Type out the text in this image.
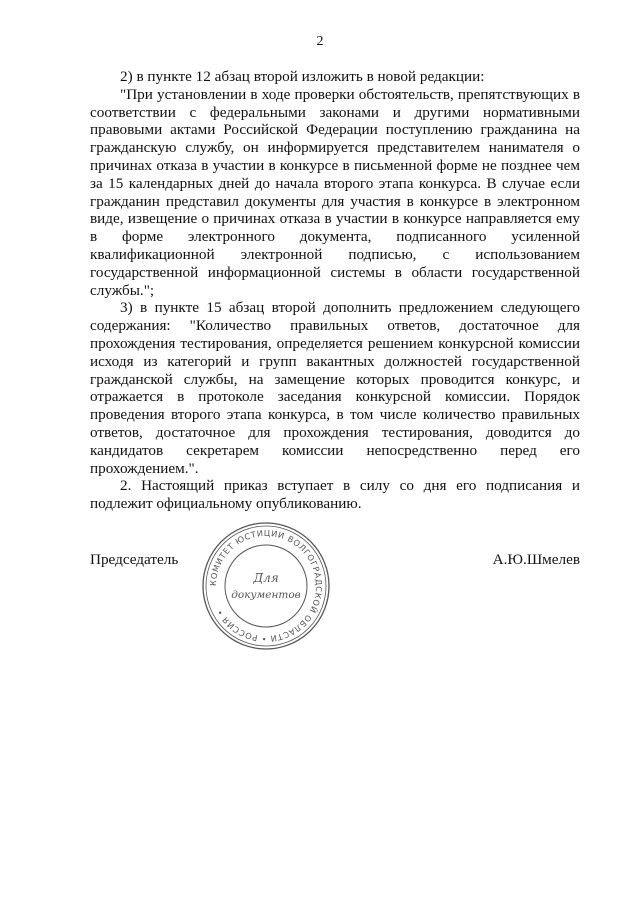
2

2) в пункте 12 абзац второй изложить в новой редакции:

"При установлении в ходе проверки обстоятельств, препятствующих в соответствии с федеральными законами и другими нормативными правовыми актами Российской Федерации поступлению гражданина на гражданскую службу, он информируется представителем нанимателя о причинах отказа в участии в конкурсе в письменной форме не позднее чем за 15 календарных дней до начала второго этапа конкурса. В случае если гражданин представил документы для участия в конкурсе в электронном виде, извещение о причинах отказа в участии в конкурсе направляется ему в форме электронного документа, подписанного усиленной квалификационной электронной подписью, с использованием государственной информационной системы в области государственной службы.";

3) в пункте 15 абзац второй дополнить предложением следующего содержания: "Количество правильных ответов, достаточное для прохождения тестирования, определяется решением конкурсной комиссии исходя из категорий и групп вакантных должностей государственной гражданской службы, на замещение которых проводится конкурс, и отражается в протоколе заседания конкурсной комиссии. Порядок проведения второго этапа конкурса, в том числе количество правильных ответов, достаточное для прохождения тестирования, доводится до кандидатов секретарем комиссии непосредственно перед его прохождением.".

2. Настоящий приказ вступает в силу со дня его подписания и подлежит официальному опубликованию.

Председатель	А.Ю.Шмелев
КОМИТЕТ ЮСТИЦИИ ВОЛГОГРАДСКОЙ ОБЛАСТИ • РОССИЯ •
Для
документов
